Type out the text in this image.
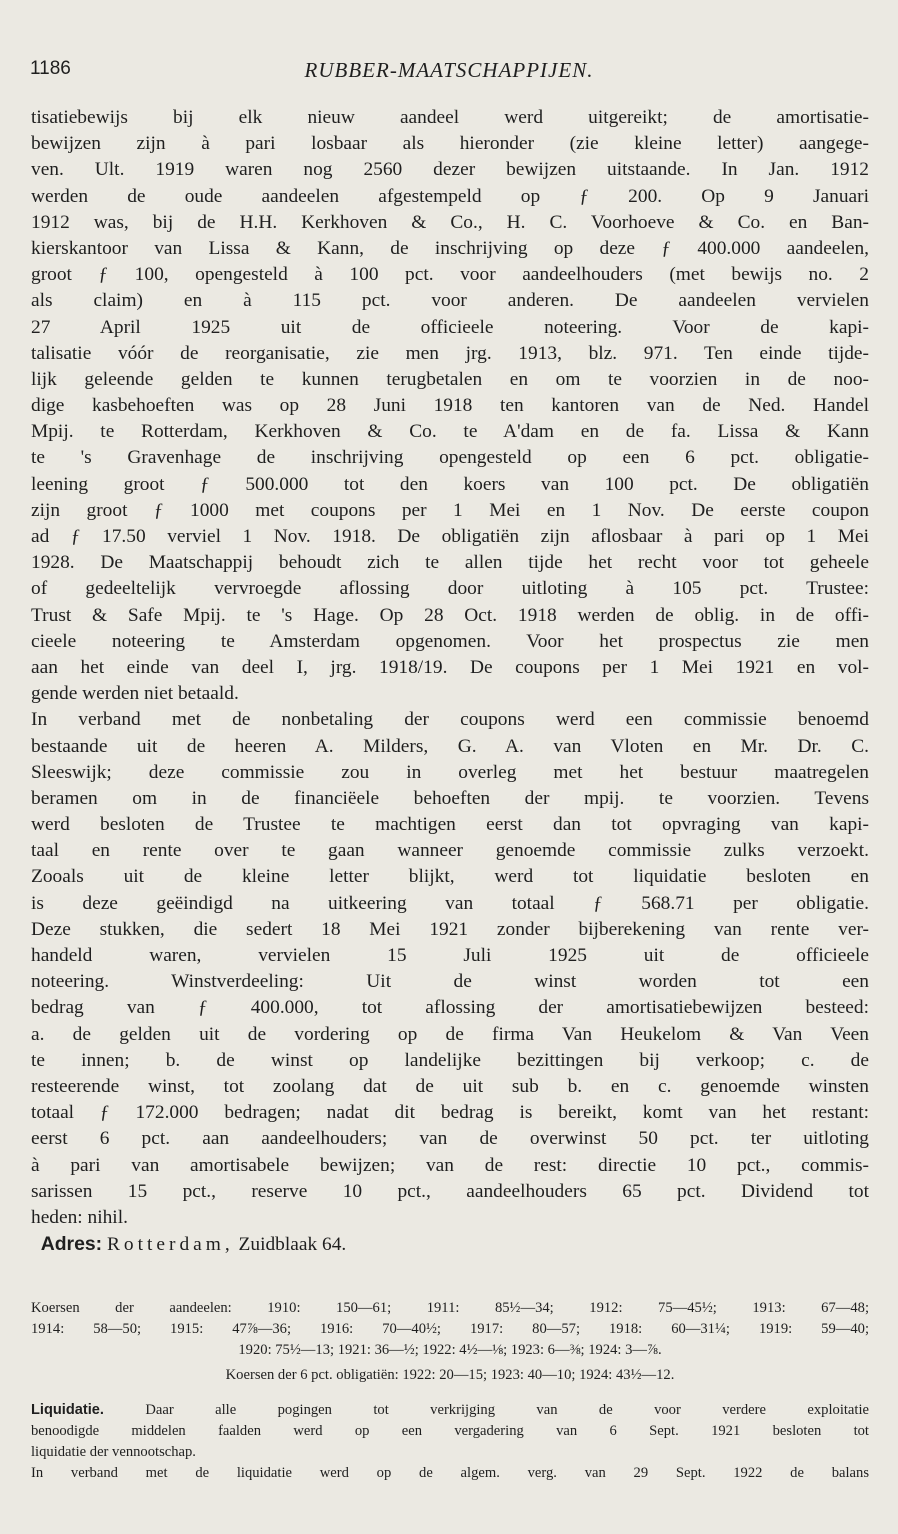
1186	RUBBER-MAATSCHAPPIJEN.
tisatiebewijs bij elk nieuw aandeel werd uitgereikt; de amortisatie-
bewijzen zijn à pari losbaar als hieronder (zie kleine letter) aangege-
ven. Ult. 1919 waren nog 2560 dezer bewijzen uitstaande. In Jan. 1912
werden de oude aandeelen afgestempeld op ƒ 200. Op 9 Januari
1912 was, bij de H.H. Kerkhoven & Co., H. C. Voorhoeve & Co. en Ban-
kierskantoor van Lissa & Kann, de inschrijving op deze ƒ 400.000 aandeelen,
groot ƒ 100, opengesteld à 100 pct. voor aandeelhouders (met bewijs no. 2
als claim) en à 115 pct. voor anderen. De aandeelen vervielen
27 April 1925 uit de officieele noteering. Voor de kapi-
talisatie vóór de reorganisatie, zie men jrg. 1913, blz. 971. Ten einde tijde-
lijk geleende gelden te kunnen terugbetalen en om te voorzien in de noo-
dige kasbehoeften was op 28 Juni 1918 ten kantoren van de Ned. Handel
Mpij. te Rotterdam, Kerkhoven & Co. te A'dam en de fa. Lissa & Kann
te 's Gravenhage de inschrijving opengesteld op een 6 pct. obligatie-
leening groot ƒ 500.000 tot den koers van 100 pct. De obligatiën
zijn groot ƒ 1000 met coupons per 1 Mei en 1 Nov. De eerste coupon
ad ƒ 17.50 verviel 1 Nov. 1918. De obligatiën zijn aflosbaar à pari op 1 Mei
1928. De Maatschappij behoudt zich te allen tijde het recht voor tot geheele
of gedeeltelijk vervroegde aflossing door uitloting à 105 pct. Trustee:
Trust & Safe Mpij. te 's Hage. Op 28 Oct. 1918 werden de oblig. in de offi-
cieele noteering te Amsterdam opgenomen. Voor het prospectus zie men
aan het einde van deel I, jrg. 1918/19. De coupons per 1 Mei 1921 en vol-
gende werden niet betaald.
In verband met de nonbetaling der coupons werd een commissie benoemd
bestaande uit de heeren A. Milders, G. A. van Vloten en Mr. Dr. C.
Sleeswijk; deze commissie zou in overleg met het bestuur maatregelen
beramen om in de financiëele behoeften der mpij. te voorzien. Tevens
werd besloten de Trustee te machtigen eerst dan tot opvraging van kapi-
taal en rente over te gaan wanneer genoemde commissie zulks verzoekt.
Zooals uit de kleine letter blijkt, werd tot liquidatie besloten en
is deze geëindigd na uitkeering van totaal ƒ 568.71 per obligatie.
Deze stukken, die sedert 18 Mei 1921 zonder bijberekening van rente ver-
handeld waren, vervielen 15 Juli 1925 uit de officieele
noteering. Winstverdeeling: Uit de winst worden tot een
bedrag van ƒ 400.000, tot aflossing der amortisatiebewijzen besteed:
a. de gelden uit de vordering op de firma Van Heukelom & Van Veen
te innen; b. de winst op landelijke bezittingen bij verkoop; c. de
resteerende winst, tot zoolang dat de uit sub b. en c. genoemde winsten
totaal ƒ 172.000 bedragen; nadat dit bedrag is bereikt, komt van het restant:
eerst 6 pct. aan aandeelhouders; van de overwinst 50 pct. ter uitloting
à pari van amortisabele bewijzen; van de rest: directie 10 pct., commis-
sarissen 15 pct., reserve 10 pct., aandeelhouders 65 pct. Dividend tot
heden: nihil.
Adres: Rotterdam, Zuidblaak 64.
Koersen der aandeelen: 1910: 150—61; 1911: 85½—34; 1912: 75—45½; 1913: 67—48;
1914: 58—50; 1915: 47⅞—36; 1916: 70—40½; 1917: 80—57; 1918: 60—31¼; 1919: 59—40;
1920: 75½—13; 1921: 36—½; 1922: 4½—⅛; 1923: 6—⅜; 1924: 3—⅞.
Koersen der 6 pct. obligatiën: 1922: 20—15; 1923: 40—10; 1924: 43½—12.
Liquidatie.	Daar alle pogingen tot verkrijging van de voor verdere exploitatie
benoodigde middelen faalden werd op een vergadering van 6 Sept. 1921 besloten tot
liquidatie der vennootschap.
In verband met de liquidatie werd op de algem. verg. van 29 Sept. 1922 de balans
